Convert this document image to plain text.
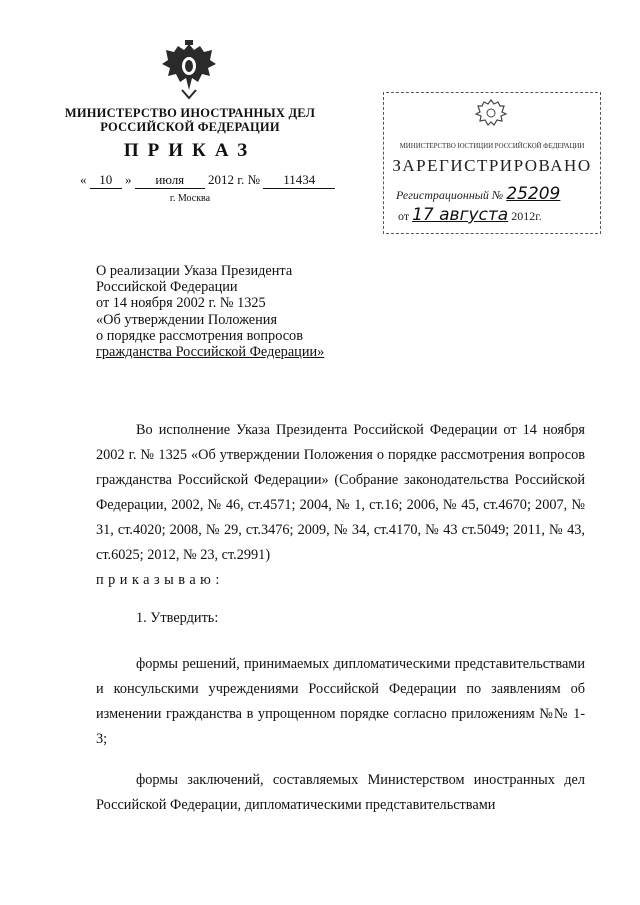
МИНИСТЕРСТВО ИНОСТРАННЫХ ДЕЛ
РОССИЙСКОЙ ФЕДЕРАЦИИ
ПРИКАЗ
« 10 » июля 2012 г. № 11434
г. Москва
МИНИСТЕРСТВО ЮСТИЦИИ РОССИЙСКОЙ ФЕДЕРАЦИИ
ЗАРЕГИСТРИРОВАНО
Регистрационный № 25209
от 17 августа 2012г.
О реализации Указа Президента
Российской Федерации
от 14 ноября 2002 г. № 1325
«Об утверждении Положения
о порядке рассмотрения вопросов
гражданства Российской Федерации»

Во исполнение Указа Президента Российской Федерации от 14 ноября 2002 г. № 1325 «Об утверждении Положения о порядке рассмотрения вопросов гражданства Российской Федерации» (Собрание законодательства Российской Федерации, 2002, № 46, ст.4571; 2004, № 1, ст.16; 2006, № 45, ст.4670; 2007, № 31, ст.4020; 2008, № 29, ст.3476; 2009, № 34, ст.4170, № 43 ст.5049; 2011, № 43, ст.6025; 2012, № 23, ст.2991)

приказываю:
1. Утвердить:

формы решений, принимаемых дипломатическими представительствами и консульскими учреждениями Российской Федерации по заявлениям об изменении гражданства в упрощенном порядке согласно приложениям №№ 1-3;

формы заключений, составляемых Министерством иностранных дел Российской Федерации, дипломатическими представительствами
